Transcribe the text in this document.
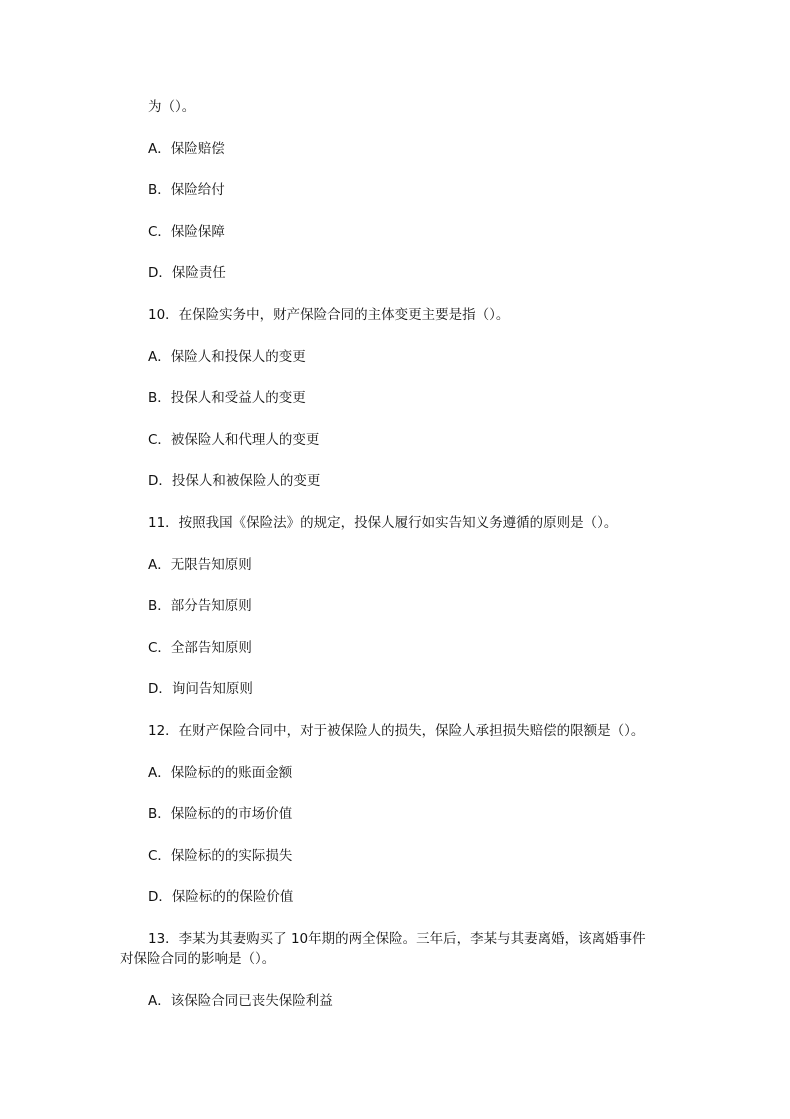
为（）。
A．保险赔偿
B．保险给付
C．保险保障
D．保险责任
10．在保险实务中，财产保险合同的主体变更主要是指（）。
A．保险人和投保人的变更
B．投保人和受益人的变更
C．被保险人和代理人的变更
D．投保人和被保险人的变更
11．按照我国《保险法》的规定，投保人履行如实告知义务遵循的原则是（）。
A．无限告知原则
B．部分告知原则
C．全部告知原则
D．询问告知原则
12．在财产保险合同中，对于被保险人的损失，保险人承担损失赔偿的限额是（）。
A．保险标的的账面金额
B．保险标的的市场价值
C．保险标的的实际损失
D．保险标的的保险价值
13．李某为其妻购买了 10年期的两全保险。三年后，李某与其妻离婚，该离婚事件
对保险合同的影响是（）。
A．该保险合同已丧失保险利益
